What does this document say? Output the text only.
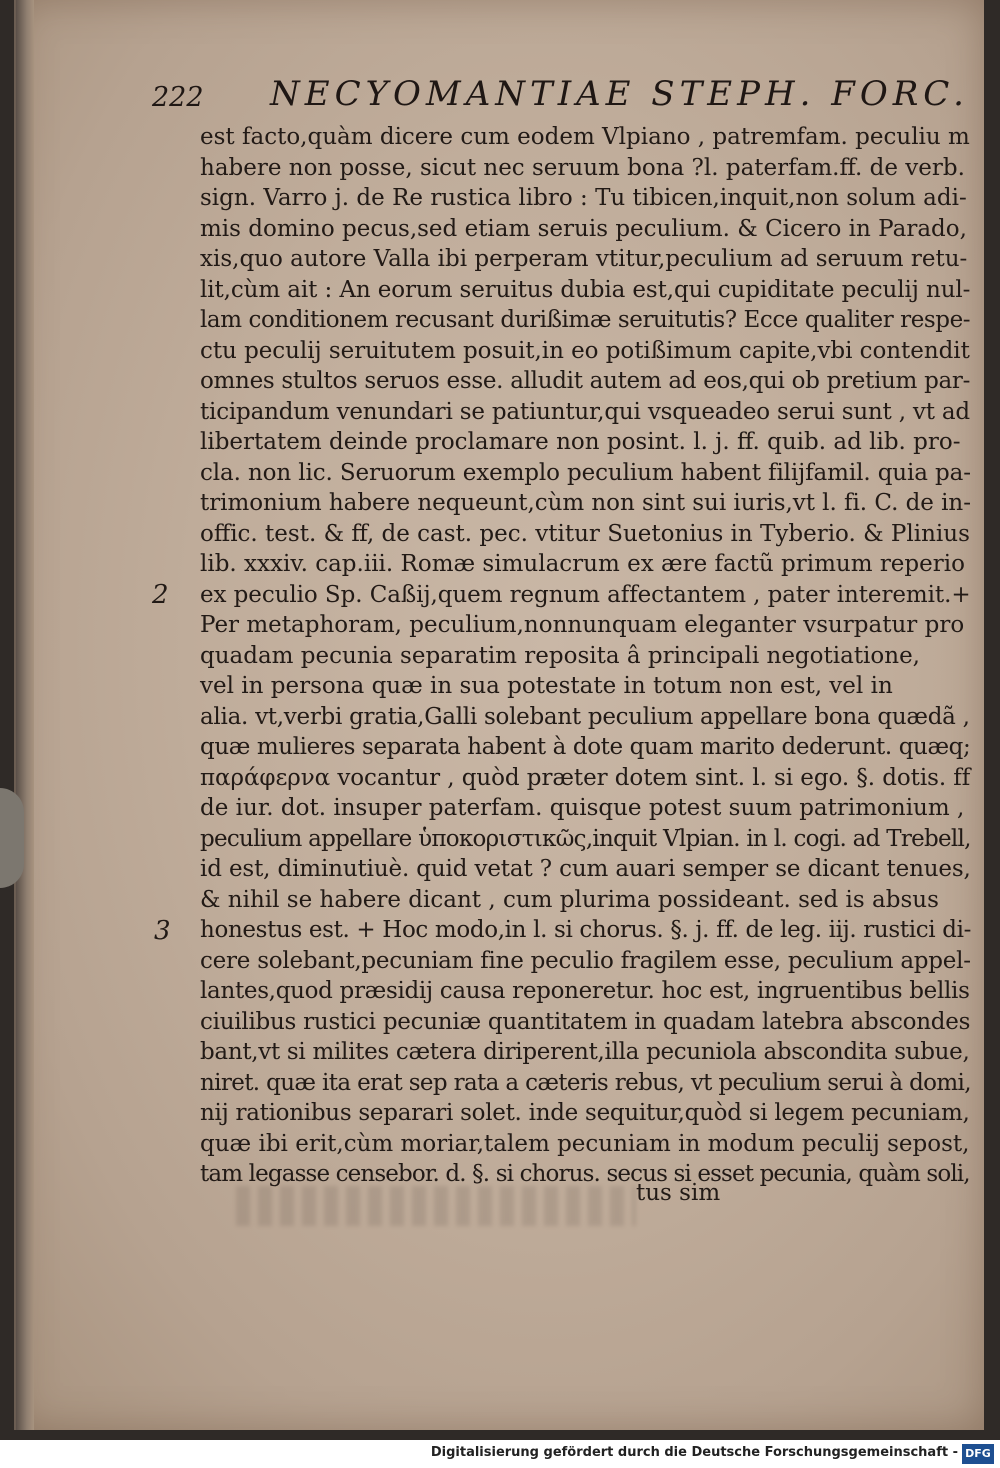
222 NECYOMANTIAE STEPH. FORC.
2
3
est facto,quàm dicere cum eodem Vlpiano , patremfam. peculiu m
habere non posse, sicut nec seruum bona ?l. paterfam.ff. de verb.
sign. Varro j. de Re rustica libro : Tu tibicen,inquit,non solum adi-
mis domino pecus,sed etiam seruis peculium. & Cicero in Parado,
xis,quo autore Valla ibi perperam vtitur,peculium ad seruum retu-
lit,cùm ait : An eorum seruitus dubia est,qui cupiditate peculij nul-
lam conditionem recusant durißimæ seruitutis? Ecce qualiter respe-
ctu peculij seruitutem posuit,in eo potißimum capite,vbi contendit
omnes stultos seruos esse. alludit autem ad eos,qui ob pretium par-
ticipandum venundari se patiuntur,qui vsqueadeo serui sunt , vt ad
libertatem deinde proclamare non posint. l. j. ff. quib. ad lib. pro-
cla. non lic. Seruorum exemplo peculium habent filijfamil. quia pa-
trimonium habere nequeunt,cùm non sint sui iuris,vt l. fi. C. de in-
offic. test. & ff, de cast. pec. vtitur Suetonius in Tyberio. & Plinius
lib. xxxiv. cap.iii. Romæ simulacrum ex ære factũ primum reperio
ex peculio Sp. Caßij,quem regnum affectantem , pater interemit.+
Per metaphoram, peculium,nonnunquam eleganter vsurpatur pro
quadam pecunia separatim reposita â principali negotiatione,
vel in persona quæ in sua potestate in totum non est, vel in
alia. vt,verbi gratia,Galli solebant peculium appellare bona quædã ,
quæ mulieres separata habent à dote quam marito dederunt. quæq;
παράφερνα vocantur , quòd præter dotem sint. l. si ego. §. dotis. ff
de iur. dot. insuper paterfam. quisque potest suum patrimonium ,
peculium appellare ὑποκοριστικῶς,inquit Vlpian. in l. cogi. ad Trebell,
id est, diminutiuè. quid vetat ? cum auari semper se dicant tenues,
& nihil se habere dicant , cum plurima possideant. sed is absus
honestus est. + Hoc modo,in l. si chorus. §. j. ff. de leg. iij. rustici di-
cere solebant,pecuniam fine peculio fragilem esse, peculium appel-
lantes,quod præsidij causa reponeretur. hoc est, ingruentibus bellis
ciuilibus rustici pecuniæ quantitatem in quadam latebra abscondes
bant,vt si milites cætera diriperent,illa pecuniola abscondita subue,
niret. quæ ita erat sep rata a cæteris rebus, vt peculium serui à domi,
nij rationibus separari solet. inde sequitur,quòd si legem pecuniam,
quæ ibi erit,cùm moriar,talem pecuniam in modum peculij sepost,
tam legasse censebor. d. §. si chorus. secus si esset pecunia, quàm soli,
tus sim
Digitalisierung gefördert durch die Deutsche Forschungsgemeinschaft - DFG
